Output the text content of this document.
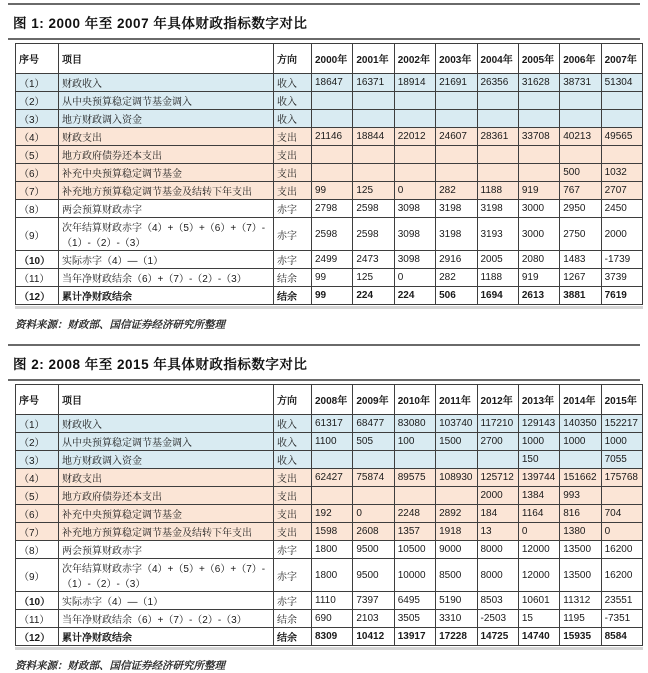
图 1: 2000 年至 2007 年具体财政指标数字对比
序号	项目	方向	2000年	2001年	2002年	2003年	2004年	2005年	2006年	2007年
（1）	财政收入	收入	18647	16371	18914	21691	26356	31628	38731	51304
（2）	从中央预算稳定调节基金调入	收入								
（3）	地方财政调入资金	收入								
（4）	财政支出	支出	21146	18844	22012	24607	28361	33708	40213	49565
（5）	地方政府债券还本支出	支出								
（6）	补充中央预算稳定调节基金	支出							500	1032
（7）	补充地方预算稳定调节基金及结转下年支出	支出	99	125	0	282	1188	919	767	2707
（8）	两会预算财政赤字	赤字	2798	2598	3098	3198	3198	3000	2950	2450
（9）	次年结算财政赤字（4）+（5）+（6）+（7）-（1）-（2）-（3）	赤字	2598	2598	3098	3198	3193	3000	2750	2000
（10）	实际赤字（4）—（1）	赤字	2499	2473	3098	2916	2005	2080	1483	-1739
（11）	当年净财政结余（6）+（7）-（2）-（3）	结余	99	125	0	282	1188	919	1267	3739
（12）	累计净财政结余	结余	99	224	224	506	1694	2613	3881	7619

资料来源：财政部、国信证券经济研究所整理

图 2: 2008 年至 2015 年具体财政指标数字对比
序号	项目	方向	2008年	2009年	2010年	2011年	2012年	2013年	2014年	2015年
（1）	财政收入	收入	61317	68477	83080	103740	117210	129143	140350	152217
（2）	从中央预算稳定调节基金调入	收入	1100	505	100	1500	2700	1000	1000	1000
（3）	地方财政调入资金	收入						150		7055
（4）	财政支出	支出	62427	75874	89575	108930	125712	139744	151662	175768
（5）	地方政府债券还本支出	支出					2000	1384	993	
（6）	补充中央预算稳定调节基金	支出	192	0	2248	2892	184	1164	816	704
（7）	补充地方预算稳定调节基金及结转下年支出	支出	1598	2608	1357	1918	13	0	1380	0
（8）	两会预算财政赤字	赤字	1800	9500	10500	9000	8000	12000	13500	16200
（9）	次年结算财政赤字（4）+（5）+（6）+（7）-（1）-（2）-（3）	赤字	1800	9500	10000	8500	8000	12000	13500	16200
（10）	实际赤字（4）—（1）	赤字	1110	7397	6495	5190	8503	10601	11312	23551
（11）	当年净财政结余（6）+（7）-（2）-（3）	结余	690	2103	3505	3310	-2503	15	1195	-7351
（12）	累计净财政结余	结余	8309	10412	13917	17228	14725	14740	15935	8584

资料来源：财政部、国信证券经济研究所整理
